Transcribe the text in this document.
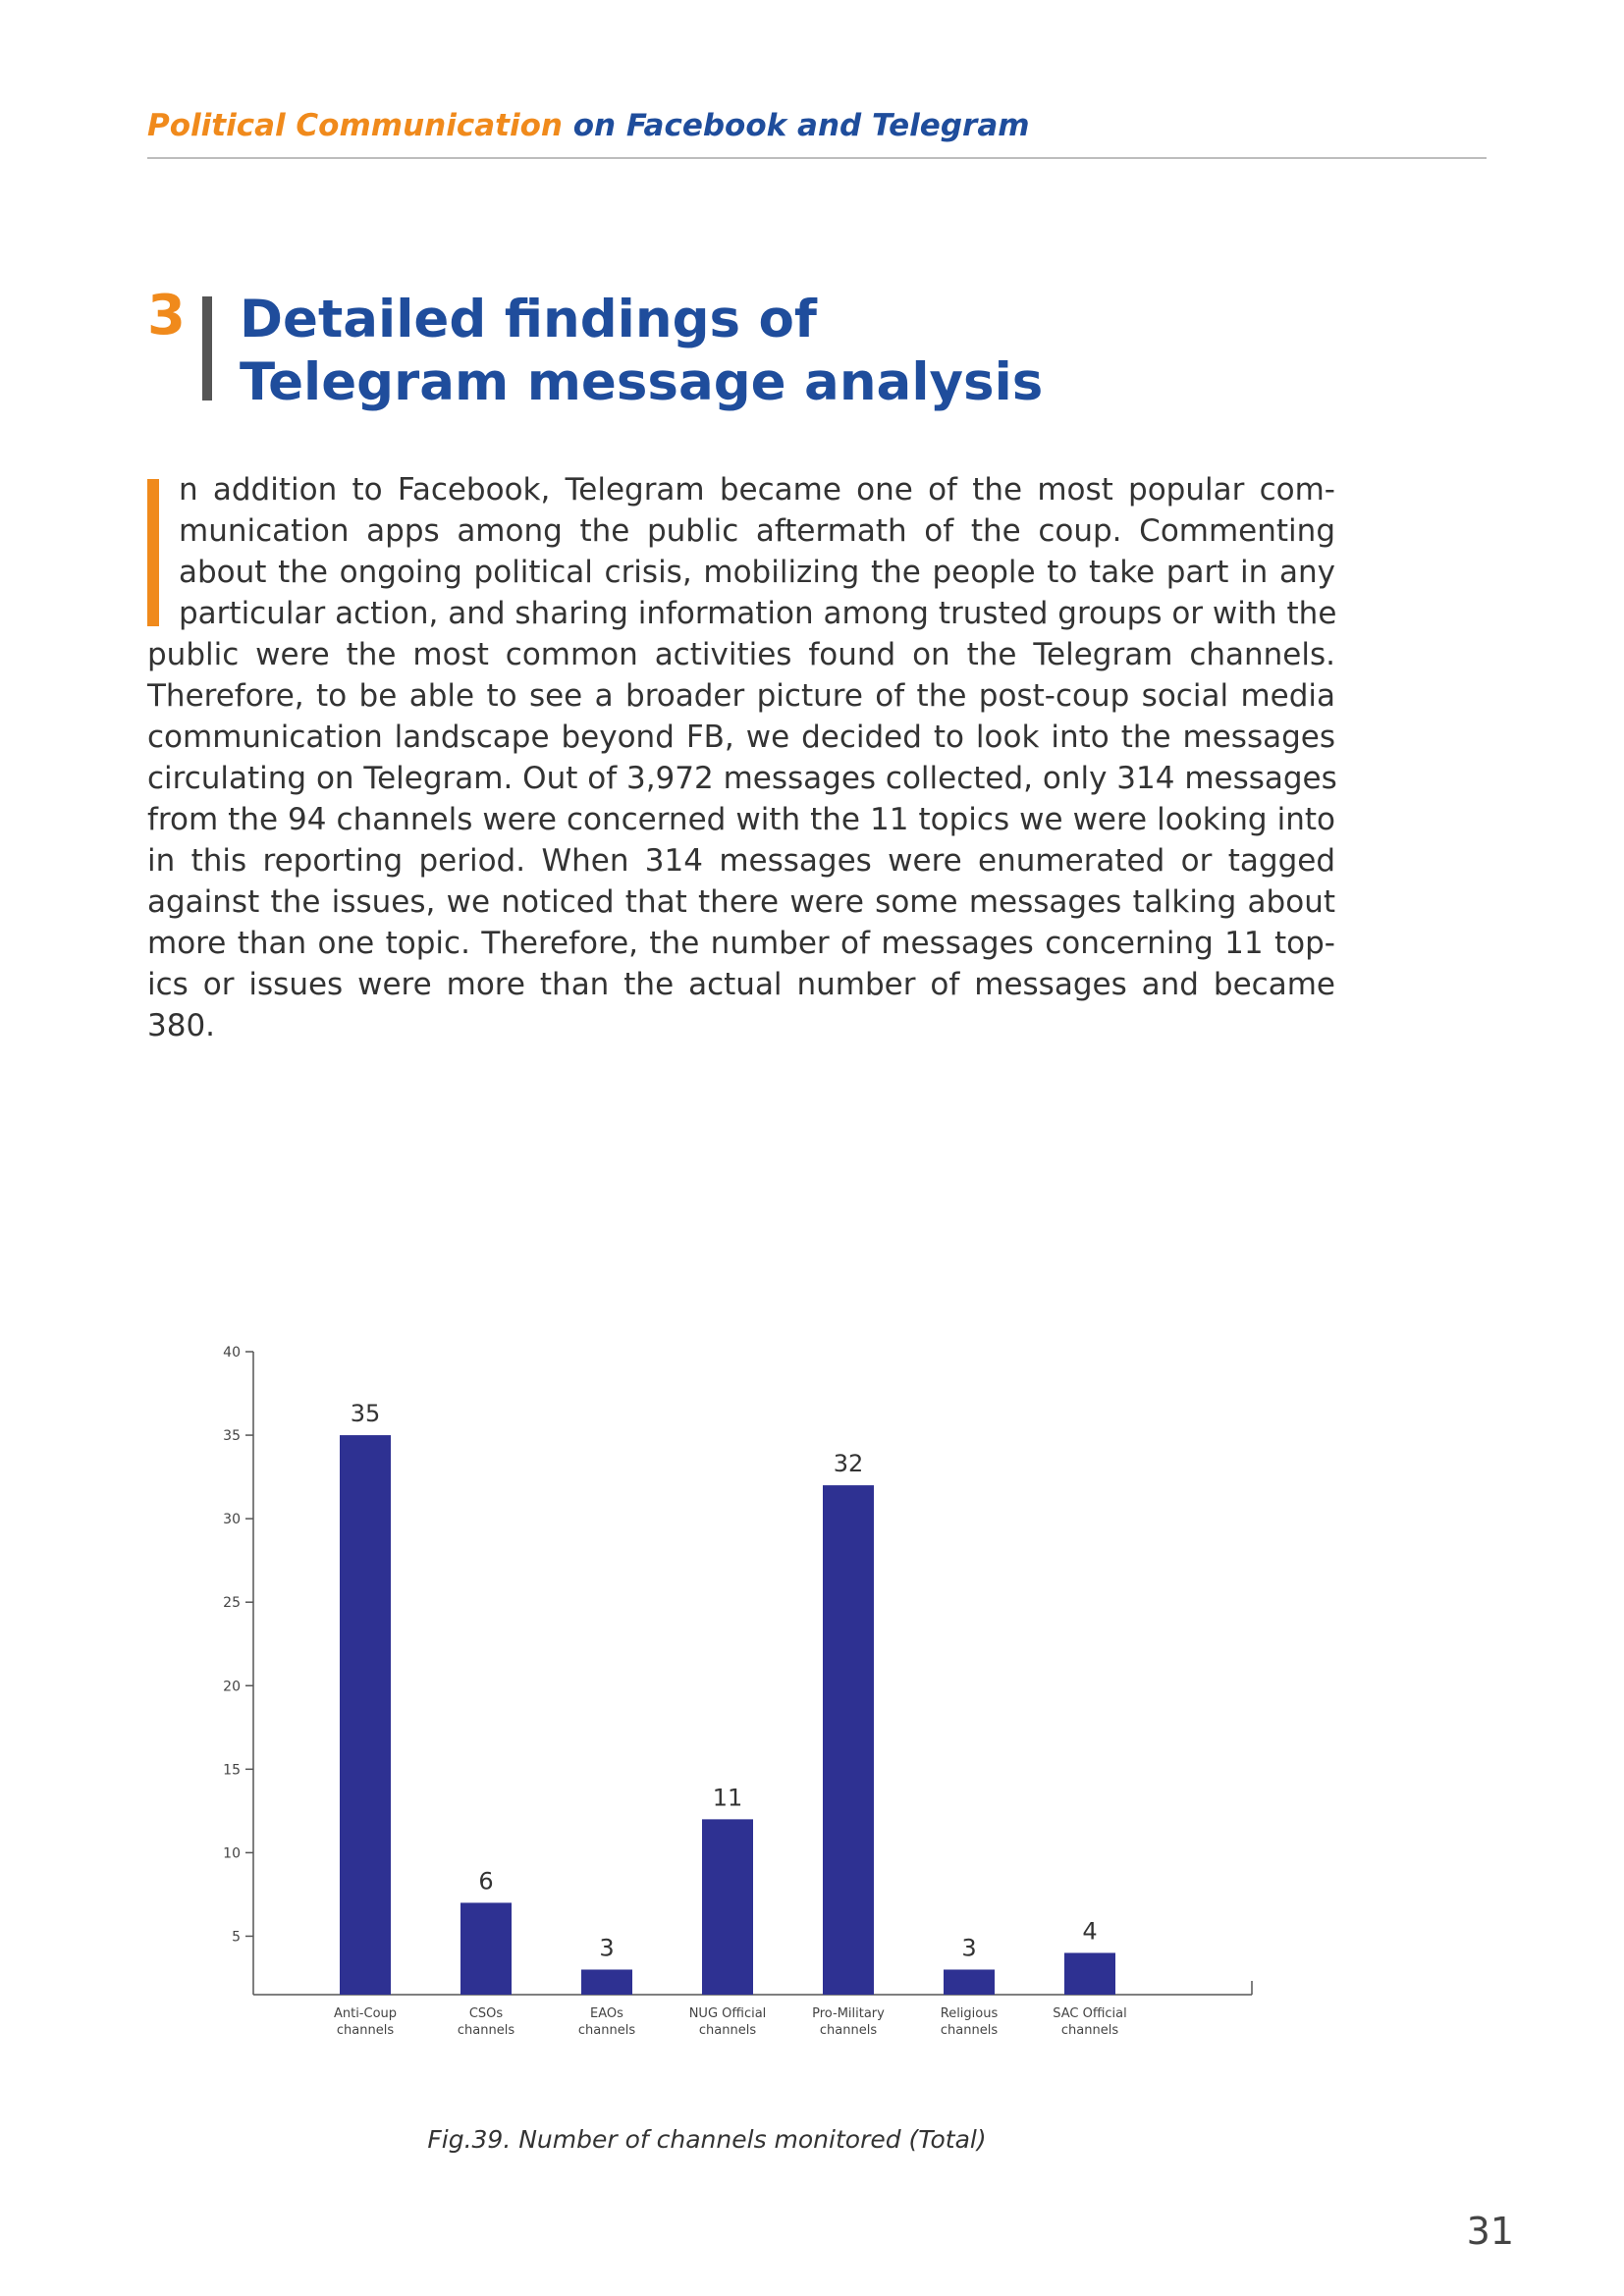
Political Communication on Facebook and Telegram
3 Detailed findings of
Telegram message analysis
n addition to Facebook, Telegram became one of the most popular com-
munication apps among the public aftermath of the coup. Commenting
about the ongoing political crisis, mobilizing the people to take part in any
particular action, and sharing information among trusted groups or with the
public were the most common activities found on the Telegram channels.
Therefore, to be able to see a broader picture of the post-coup social media
communication landscape beyond FB, we decided to look into the messages
circulating on Telegram. Out of 3,972 messages collected, only 314 messages
from the 94 channels were concerned with the 11 topics we were looking into
in this reporting period. When 314 messages were enumerated or tagged
against the issues, we noticed that there were some messages talking about
more than one topic. Therefore, the number of messages concerning 11 top-
ics or issues were more than the actual number of messages and became
380.
5
10
15
20
25
30
35
40
35
Anti-Coup
channels
6
CSOs
channels
3
EAOs
channels
11
NUG Official
channels
32
Pro-Military
channels
3
Religious
channels
4
SAC Official
channels
Fig.39. Number of channels monitored (Total)
31
